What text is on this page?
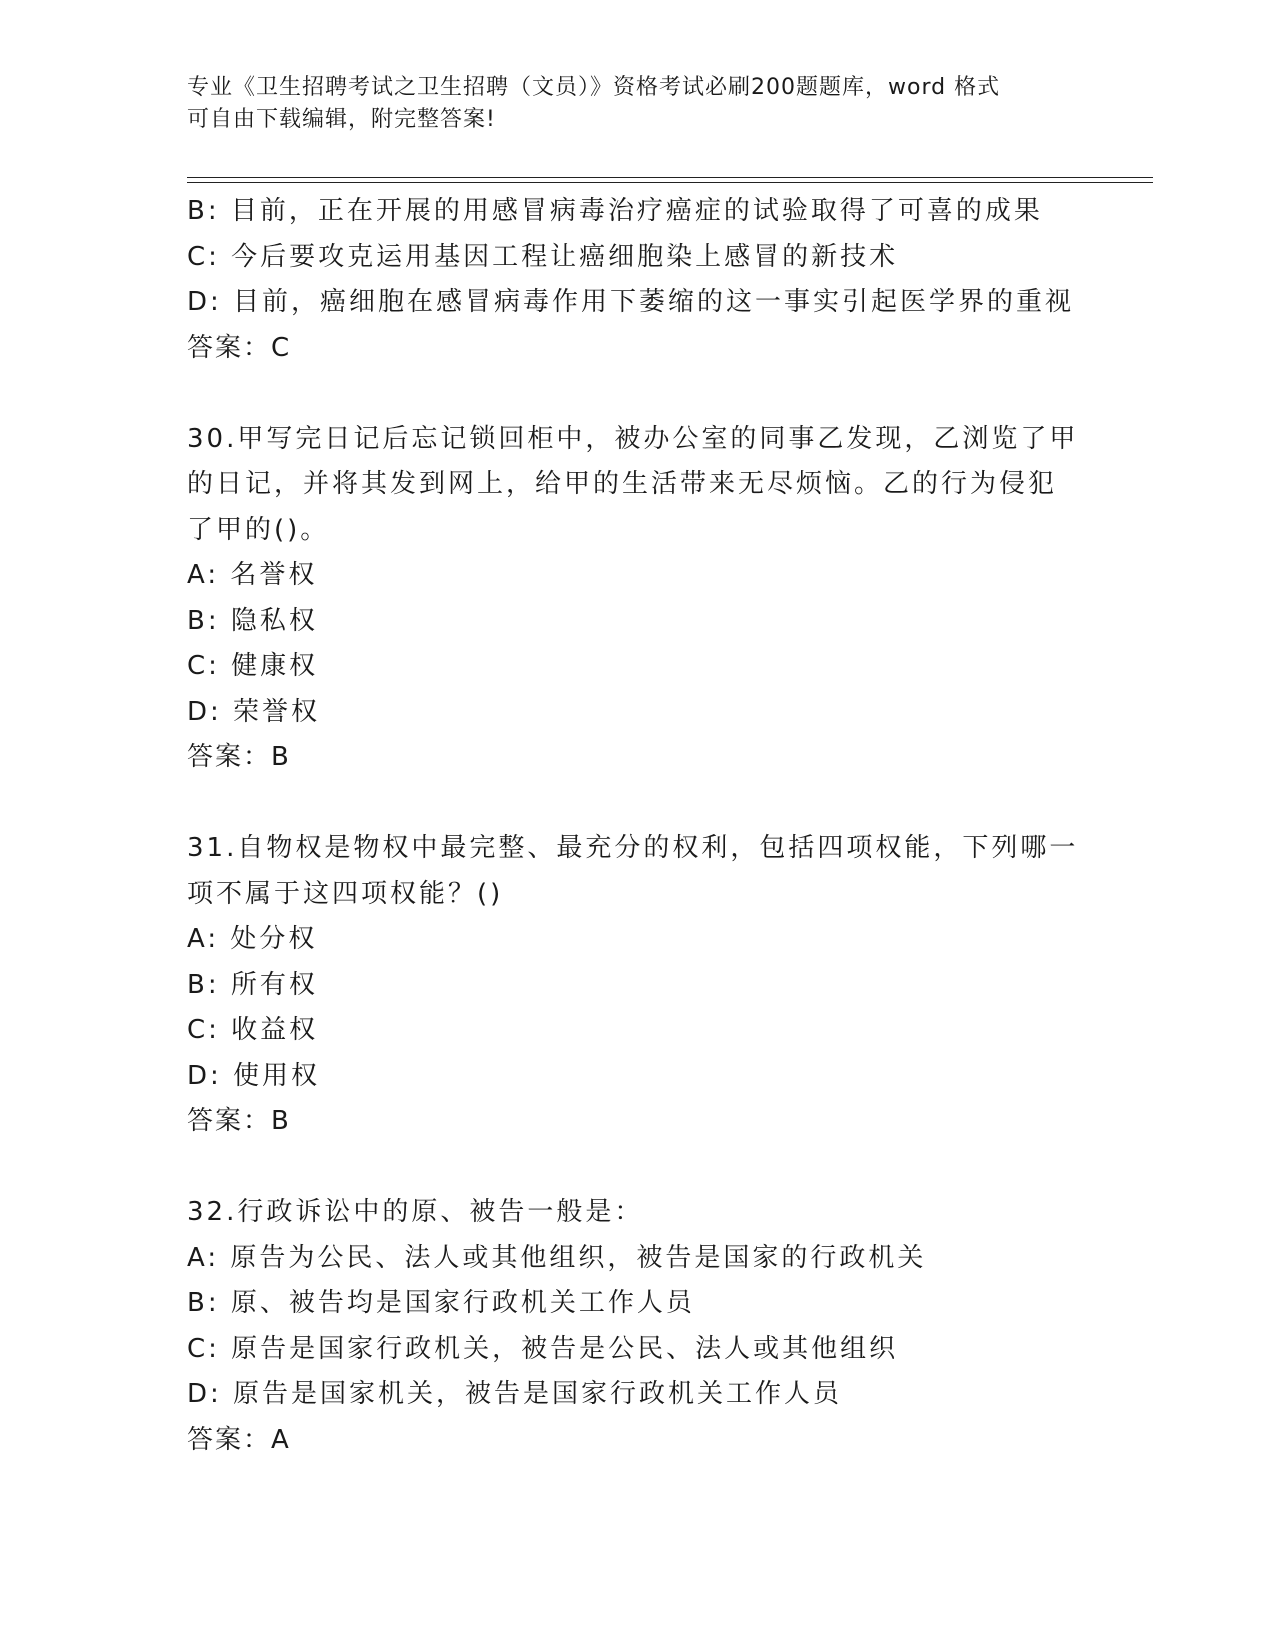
专业《卫生招聘考试之卫生招聘（文员）》资格考试必刷200题题库，word 格式
可自由下载编辑，附完整答案!
B: 目前，正在开展的用感冒病毒治疗癌症的试验取得了可喜的成果
C: 今后要攻克运用基因工程让癌细胞染上感冒的新技术
D: 目前，癌细胞在感冒病毒作用下萎缩的这一事实引起医学界的重视
答案：C
30.甲写完日记后忘记锁回柜中，被办公室的同事乙发现，乙浏览了甲
的日记，并将其发到网上，给甲的生活带来无尽烦恼。乙的行为侵犯
了甲的()。
A: 名誉权
B: 隐私权
C: 健康权
D: 荣誉权
答案：B
31.自物权是物权中最完整、最充分的权利，包括四项权能，下列哪一
项不属于这四项权能？()
A: 处分权
B: 所有权
C: 收益权
D: 使用权
答案：B
32.行政诉讼中的原、被告一般是：
A: 原告为公民、法人或其他组织，被告是国家的行政机关
B: 原、被告均是国家行政机关工作人员
C: 原告是国家行政机关，被告是公民、法人或其他组织
D: 原告是国家机关，被告是国家行政机关工作人员
答案：A
